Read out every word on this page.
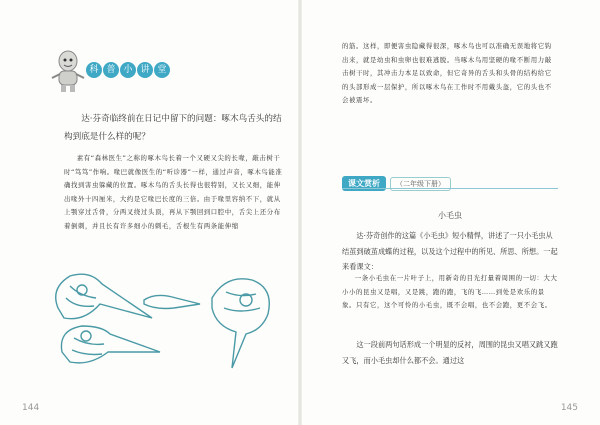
科 普 小 讲 堂

达·芬奇临终前在日记中留下的问题：啄木鸟舌头的结构到底是什么样的呢？

素有“森林医生”之称的啄木鸟长着一个又硬又尖的长喙，敲击树干时“笃笃”作响。喙巴就像医生的“听诊器”一样，通过声音，啄木鸟能准确找到害虫躲藏的位置。啄木鸟的舌头长得也很特别，又长又细，能伸出喙外十四厘米，大约是它喙巴长度的三倍。由于喙里容纳不下，就从上颚穿过舌骨，分两叉绕过头顶，再从下颚回到口腔中，舌尖上还分布着倒刺，并且长有许多细小的刺毛，舌根生有两条能伸缩

144

的筋。这样，即便害虫隐藏得很深，啄木鸟也可以准确无误地将它钩出来，就是幼虫和虫卵也很难逃脱。当啄木鸟用坚硬的喙不断用力敲击树干时，其冲击力本足以致命，但它奇异的舌头和头骨的结构给它的头部形成一层保护，所以啄木鸟在工作时不用戴头盔，它的头也不会被震坏。

课文赏析	（二年级下册）
小毛虫

达·芬奇创作的这篇《小毛虫》短小精悍，讲述了一只小毛虫从结茧到破茧成蝶的过程，以及这个过程中的所见、所思、所想。一起来看课文：

一条小毛虫在一片叶子上，用新奇的目光打量着周围的一切：大大小小的昆虫又是唱，又是跳，跑的跑，飞的飞……到处是欢乐的景象。只有它，这个可怜的小毛虫，既不会唱，也不会跑，更不会飞。

这一段前两句话形成一个明显的反衬，周围的昆虫又唱又跳又跑又飞，而小毛虫却什么都不会。通过这

145
